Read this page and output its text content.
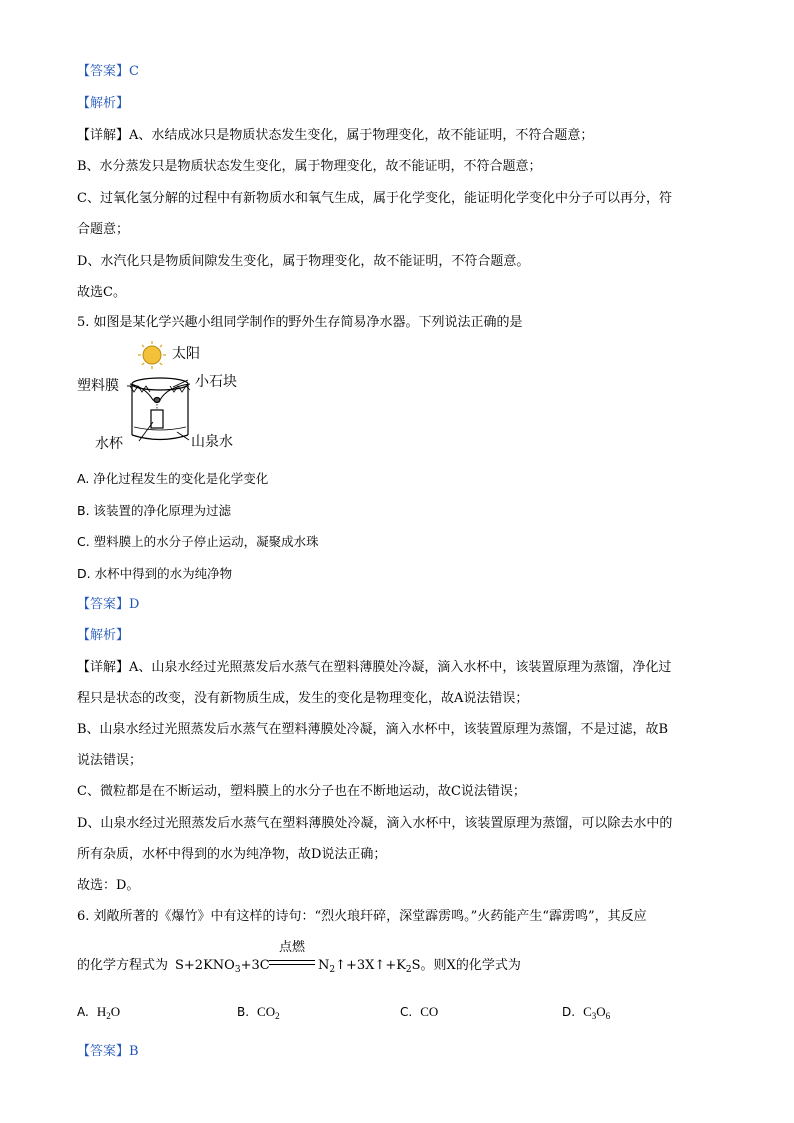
【答案】C
【解析】
【详解】A、水结成冰只是物质状态发生变化，属于物理变化，故不能证明，不符合题意；
B、水分蒸发只是物质状态发生变化，属于物理变化，故不能证明，不符合题意；
C、过氧化氢分解的过程中有新物质水和氧气生成，属于化学变化，能证明化学变化中分子可以再分，符
合题意；
D、水汽化只是物质间隙发生变化，属于物理变化，故不能证明，不符合题意。
故选C。
5. 如图是某化学兴趣小组同学制作的野外生存简易净水器。下列说法正确的是
太阳
塑料膜	小石块
水杯	山泉水
A. 净化过程发生的变化是化学变化
B. 该装置的净化原理为过滤
C. 塑料膜上的水分子停止运动，凝聚成水珠
D. 水杯中得到的水为纯净物
【答案】D
【解析】
【详解】A、山泉水经过光照蒸发后水蒸气在塑料薄膜处冷凝，滴入水杯中，该装置原理为蒸馏，净化过
程只是状态的改变，没有新物质生成，发生的变化是物理变化，故A说法错误；
B、山泉水经过光照蒸发后水蒸气在塑料薄膜处冷凝，滴入水杯中，该装置原理为蒸馏，不是过滤，故B
说法错误；
C、微粒都是在不断运动，塑料膜上的水分子也在不断地运动，故C说法错误；
D、山泉水经过光照蒸发后水蒸气在塑料薄膜处冷凝，滴入水杯中，该装置原理为蒸馏，可以除去水中的
所有杂质，水杯中得到的水为纯净物，故D说法正确；
故选：D。
6. 刘敞所著的《爆竹》中有这样的诗句：“烈火琅玕碎，深堂霹雳鸣。”火药能产生“霹雳鸣”，其反应
的化学方程式为 $S+2KNO_3+3C$
点燃
$N_2↑+3X↑+K_2S$。则X的化学式为
A. $H_2O$	B. $CO_2$	C. CO	D. $C_3O_6$
【答案】B
